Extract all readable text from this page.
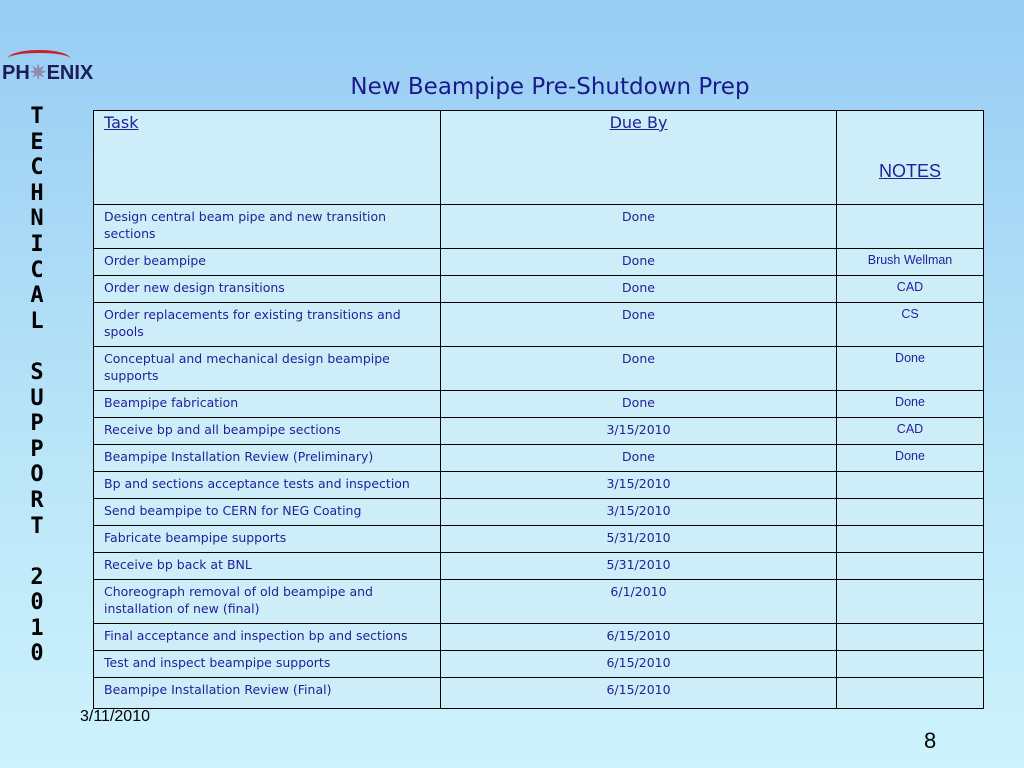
PH✷ENIX
T
E
C
H
N
I
C
A
L
S
U
P
P
O
R
T
2
0
1
0
New Beampipe Pre-Shutdown Prep
Task	Due By	NOTES
Design central beam pipe and new transition sections	Done	
Order beampipe	Done	Brush Wellman
Order new design transitions	Done	CAD
Order replacements for existing transitions and spools	Done	CS
Conceptual and mechanical design beampipe supports	Done	Done
Beampipe fabrication	Done	Done
Receive bp and all beampipe sections	3/15/2010	CAD
Beampipe Installation Review (Preliminary)	Done	Done
Bp and sections acceptance tests and inspection	3/15/2010	
Send beampipe to CERN for NEG Coating	3/15/2010	
Fabricate beampipe supports	5/31/2010	
Receive bp back at BNL	5/31/2010	
Choreograph removal of old beampipe and installation of new (final)	6/1/2010	
Final acceptance and inspection bp and sections	6/15/2010	
Test and inspect beampipe supports	6/15/2010	
Beampipe Installation Review (Final)	6/15/2010	
3/11/2010
8
